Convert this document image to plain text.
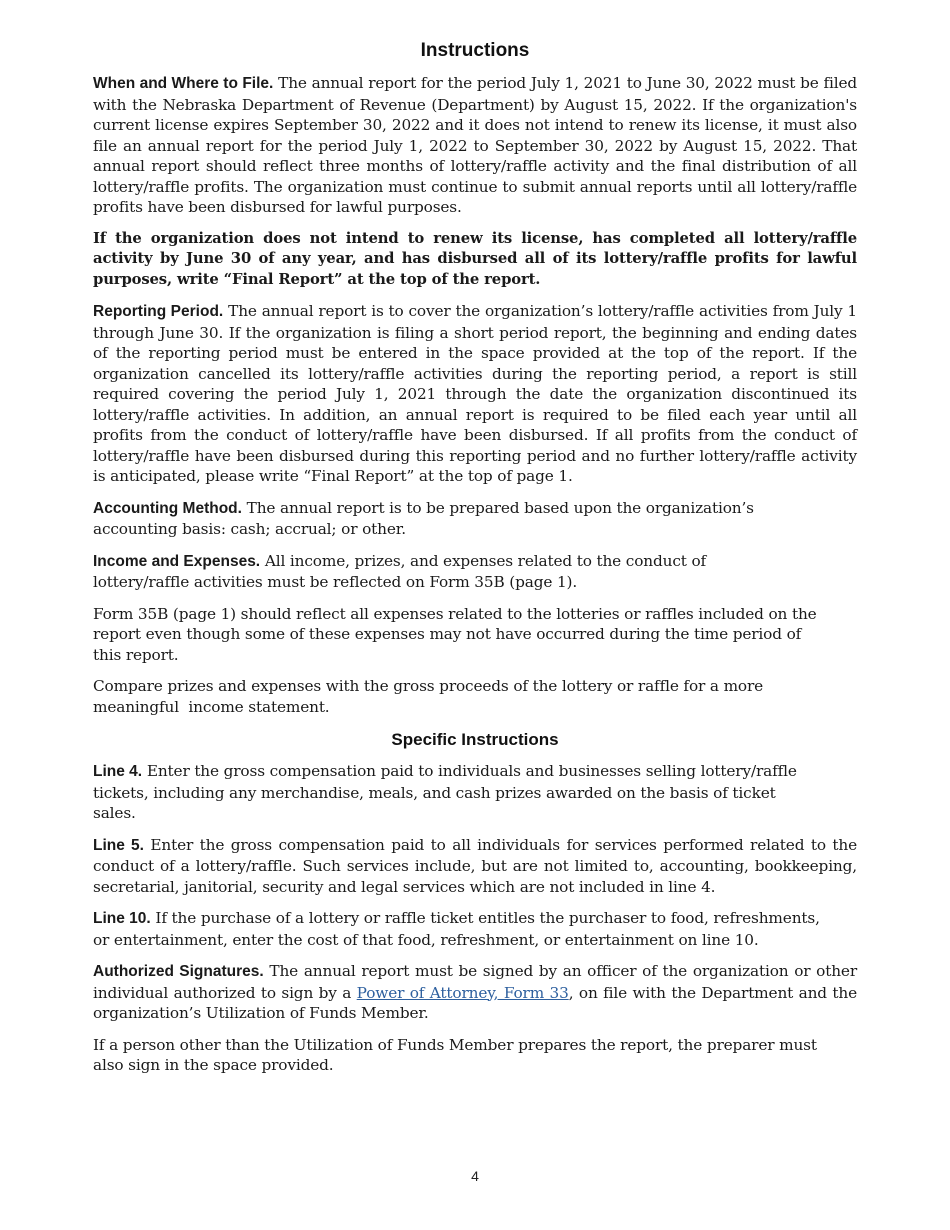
Instructions

When and Where to File. The annual report for the period July 1, 2021 to June 30, 2022 must be filed with the Nebraska Department of Revenue (Department) by August 15, 2022. If the organization's current license expires September 30, 2022 and it does not intend to renew its license, it must also file an annual report for the period July 1, 2022 to September 30, 2022 by August 15, 2022. That annual report should reflect three months of lottery/raffle activity and the final distribution of all lottery/raffle profits. The organization must continue to submit annual reports until all lottery/raffle profits have been disbursed for lawful purposes.

If the organization does not intend to renew its license, has completed all lottery/raffle activity by June 30 of any year, and has disbursed all of its lottery/raffle profits for lawful purposes, write “Final Report” at the top of the report.

Reporting Period. The annual report is to cover the organization’s lottery/raffle activities from July 1 through June 30. If the organization is filing a short period report, the beginning and ending dates of the reporting period must be entered in the space provided at the top of the report. If the organization cancelled its lottery/raffle activities during the reporting period, a report is still required covering the period July 1, 2021 through the date the organization discontinued its lottery/raffle activities. In addition, an annual report is required to be filed each year until all profits from the conduct of lottery/raffle have been disbursed. If all profits from the conduct of lottery/raffle have been disbursed during this reporting period and no further lottery/raffle activity is anticipated, please write “Final Report” at the top of page 1.

Accounting Method. The annual report is to be prepared based upon the organization’s accounting basis: cash; accrual; or other.

Income and Expenses. All income, prizes, and expenses related to the conduct of lottery/raffle activities must be reflected on Form 35B (page 1).

Form 35B (page 1) should reflect all expenses related to the lotteries or raffles included on the report even though some of these expenses may not have occurred during the time period of this report.

Compare prizes and expenses with the gross proceeds of the lottery or raffle for a more meaningful  income statement.

Specific Instructions

Line 4. Enter the gross compensation paid to individuals and businesses selling lottery/raffle tickets, including any merchandise, meals, and cash prizes awarded on the basis of ticket sales.

Line 5. Enter the gross compensation paid to all individuals for services performed related to the conduct of a lottery/raffle. Such services include, but are not limited to, accounting, bookkeeping, secretarial, janitorial, security and legal services which are not included in line 4.

Line 10. If the purchase of a lottery or raffle ticket entitles the purchaser to food, refreshments, or entertainment, enter the cost of that food, refreshment, or entertainment on line 10.

Authorized Signatures. The annual report must be signed by an officer of the organization or other individual authorized to sign by a Power of Attorney, Form 33, on file with the Department and the organization’s Utilization of Funds Member.

If a person other than the Utilization of Funds Member prepares the report, the preparer must also sign in the space provided.

4
